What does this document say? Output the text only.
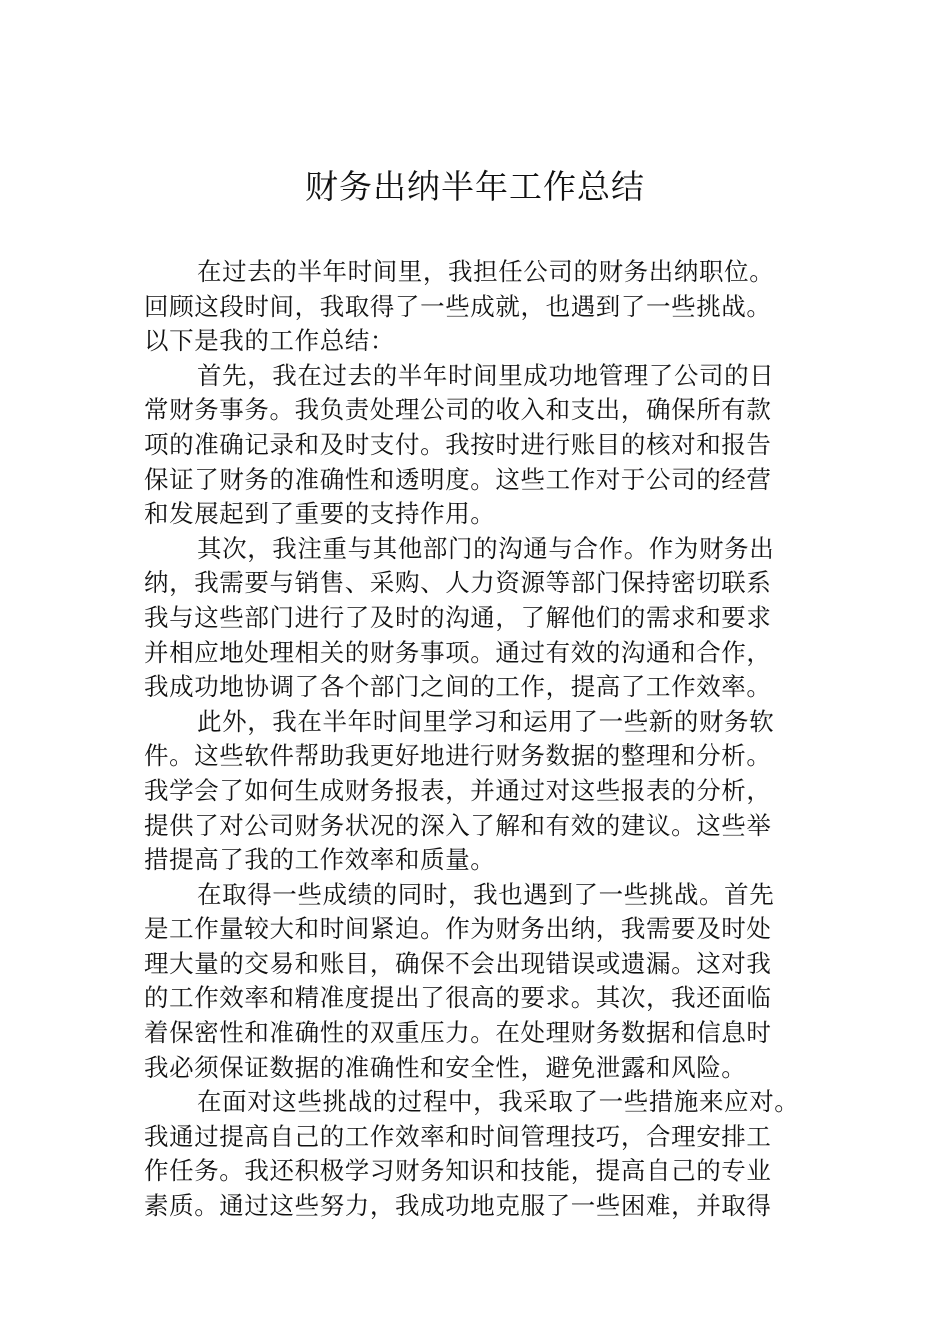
财务出纳半年工作总结
在过去的半年时间里，我担任公司的财务出纳职位。
回顾这段时间，我取得了一些成就，也遇到了一些挑战。
以下是我的工作总结：
首先，我在过去的半年时间里成功地管理了公司的日
常财务事务。我负责处理公司的收入和支出，确保所有款
项的准确记录和及时支付。我按时进行账目的核对和报告
保证了财务的准确性和透明度。这些工作对于公司的经营
和发展起到了重要的支持作用。
其次，我注重与其他部门的沟通与合作。作为财务出
纳，我需要与销售、采购、人力资源等部门保持密切联系
我与这些部门进行了及时的沟通，了解他们的需求和要求
并相应地处理相关的财务事项。通过有效的沟通和合作，
我成功地协调了各个部门之间的工作，提高了工作效率。
此外，我在半年时间里学习和运用了一些新的财务软
件。这些软件帮助我更好地进行财务数据的整理和分析。
我学会了如何生成财务报表，并通过对这些报表的分析，
提供了对公司财务状况的深入了解和有效的建议。这些举
措提高了我的工作效率和质量。
在取得一些成绩的同时，我也遇到了一些挑战。首先
是工作量较大和时间紧迫。作为财务出纳，我需要及时处
理大量的交易和账目，确保不会出现错误或遗漏。这对我
的工作效率和精准度提出了很高的要求。其次，我还面临
着保密性和准确性的双重压力。在处理财务数据和信息时
我必须保证数据的准确性和安全性，避免泄露和风险。
在面对这些挑战的过程中，我采取了一些措施来应对。
我通过提高自己的工作效率和时间管理技巧，合理安排工
作任务。我还积极学习财务知识和技能，提高自己的专业
素质。通过这些努力，我成功地克服了一些困难，并取得
